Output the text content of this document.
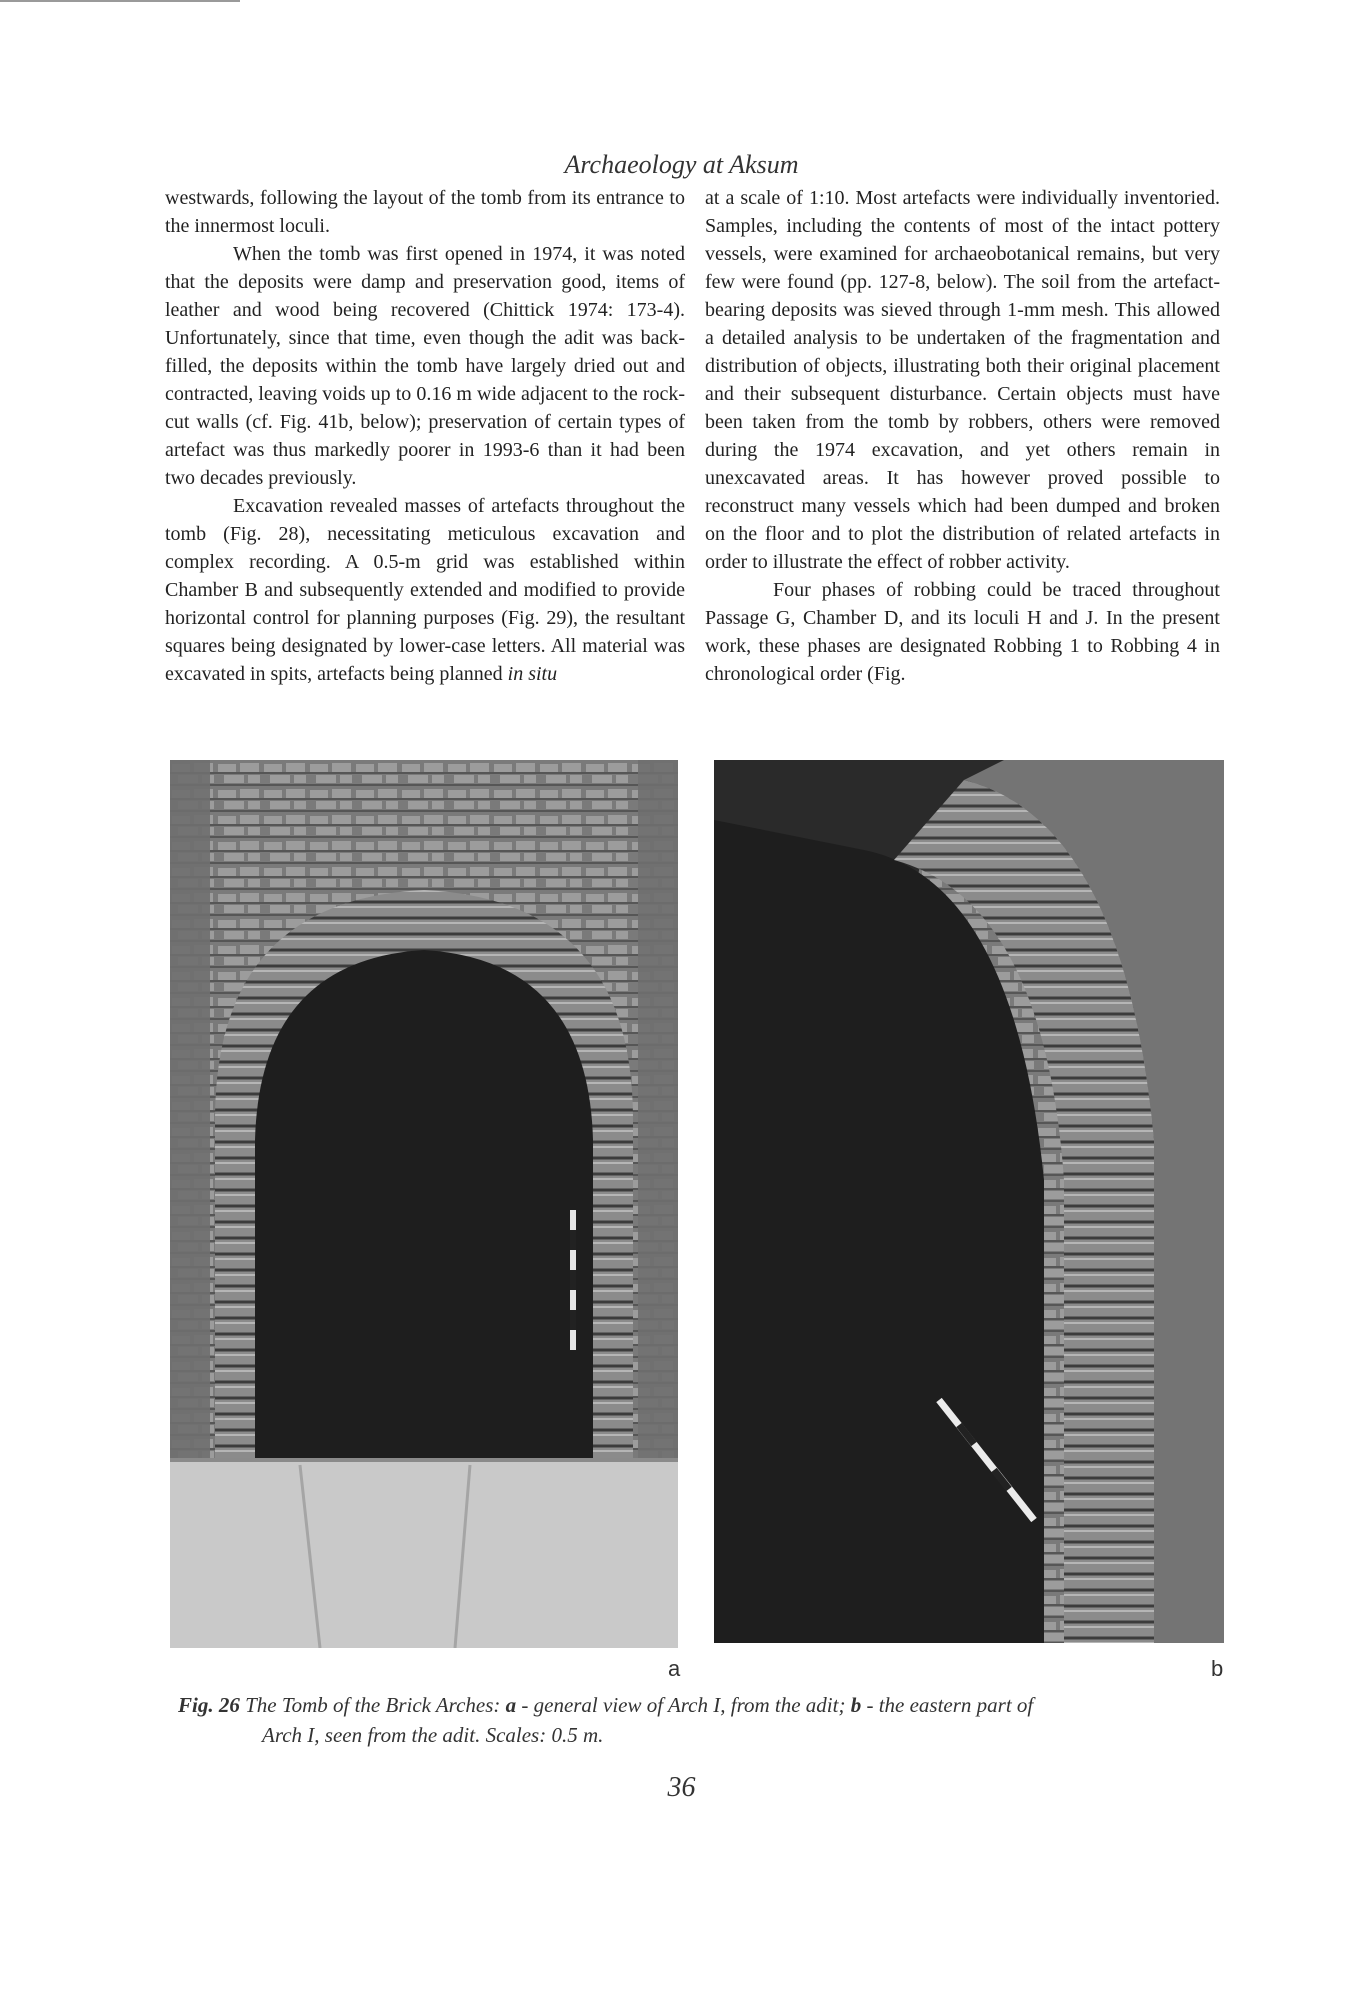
Archaeology at Aksum

westwards, following the layout of the tomb from its entrance to the innermost loculi.

When the tomb was first opened in 1974, it was noted that the deposits were damp and preservation good, items of leather and wood being recovered (Chittick 1974: 173-4). Unfortunately, since that time, even though the adit was back-filled, the deposits within the tomb have largely dried out and contracted, leaving voids up to 0.16 m wide adjacent to the rock-cut walls (cf. Fig. 41b, below); preservation of certain types of artefact was thus markedly poorer in 1993-6 than it had been two decades previously.

Excavation revealed masses of artefacts throughout the tomb (Fig. 28), necessitating meticulous excavation and complex recording. A 0.5-m grid was established within Chamber B and subsequently extended and modified to provide horizontal control for planning purposes (Fig. 29), the resultant squares being designated by lower-case letters. All material was excavated in spits, artefacts being planned in situ

at a scale of 1:10. Most artefacts were individually inventoried. Samples, including the contents of most of the intact pottery vessels, were examined for archaeobotanical remains, but very few were found (pp. 127-8, below). The soil from the artefact-bearing deposits was sieved through 1-mm mesh. This allowed a detailed analysis to be undertaken of the fragmentation and distribution of objects, illustrating both their original placement and their subsequent disturbance. Certain objects must have been taken from the tomb by robbers, others were removed during the 1974 excavation, and yet others remain in unexcavated areas. It has however proved possible to reconstruct many vessels which had been dumped and broken on the floor and to plot the distribution of related artefacts in order to illustrate the effect of robber activity.

Four phases of robbing could be traced throughout Passage G, Chamber D, and its loculi H and J. In the present work, these phases are designated Robbing 1 to Robbing 4 in chronological order (Fig.

a	b
Fig. 26 The Tomb of the Brick Arches: a - general view of Arch I, from the adit; b - the eastern part of
Arch I, seen from the adit. Scales: 0.5 m.
36
